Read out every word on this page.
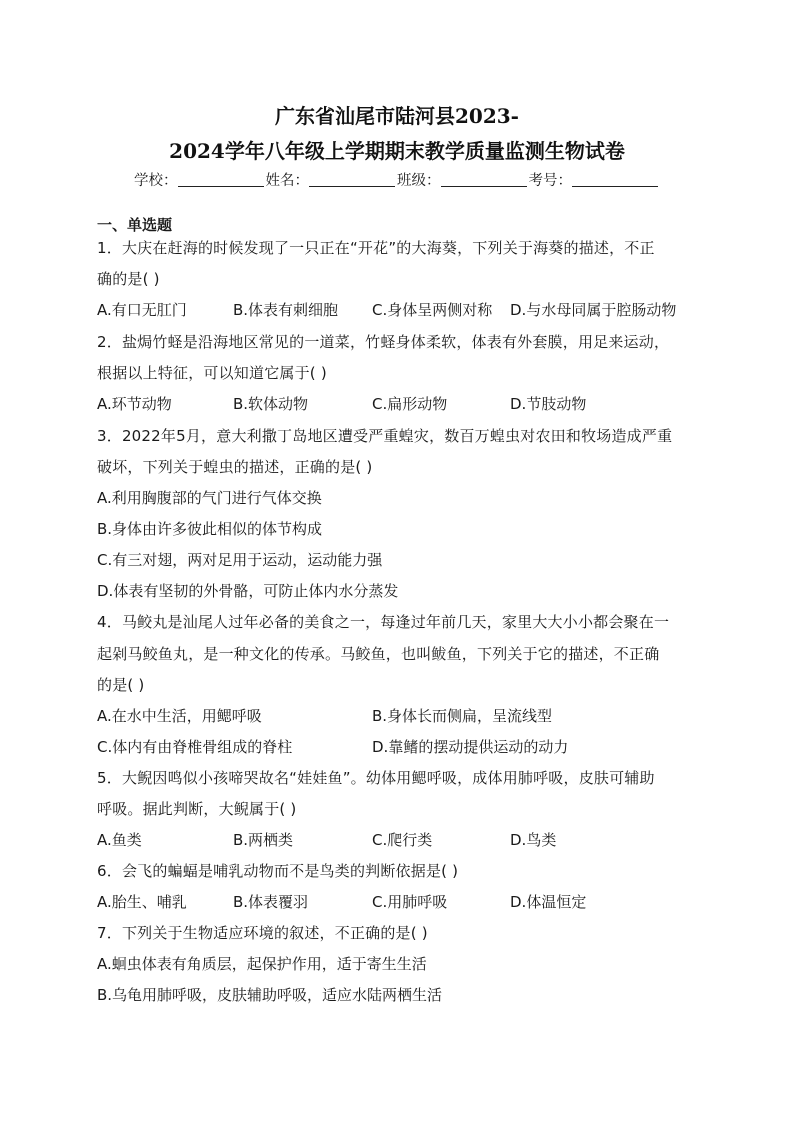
广东省汕尾市陆河县2023-
2024学年八年级上学期期末教学质量监测生物试卷
学校：	姓名：	班级：	考号：
一、单选题
1．大庆在赶海的时候发现了一只正在“开花”的大海葵，下列关于海葵的描述，不正
确的是( )
A.有口无肛门	B.体表有刺细胞 C.身体呈两侧对称 D.与水母同属于腔肠动物
2．盐焗竹蛏是沿海地区常见的一道菜，竹蛏身体柔软，体表有外套膜，用足来运动，
根据以上特征，可以知道它属于( )
A.环节动物	B.软体动物	C.扁形动物	D.节肢动物
3．2022年5月，意大利撒丁岛地区遭受严重蝗灾，数百万蝗虫对农田和牧场造成严重
破坏，下列关于蝗虫的描述，正确的是( )
A.利用胸腹部的气门进行气体交换
B.身体由许多彼此相似的体节构成
C.有三对翅，两对足用于运动，运动能力强
D.体表有坚韧的外骨骼，可防止体内水分蒸发
4．马鲛丸是汕尾人过年必备的美食之一，每逢过年前几天，家里大大小小都会聚在一
起剁马鲛鱼丸，是一种文化的传承。马鲛鱼，也叫鲅鱼，下列关于它的描述，不正确
的是( )
A.在水中生活，用鳃呼吸	B.身体长而侧扁，呈流线型
C.体内有由脊椎骨组成的脊柱	D.靠鳍的摆动提供运动的动力
5．大鲵因鸣似小孩啼哭故名“娃娃鱼”。幼体用鳃呼吸，成体用肺呼吸，皮肤可辅助
呼吸。据此判断，大鲵属于( )
A.鱼类	B.两栖类	C.爬行类	D.鸟类
6．会飞的蝙蝠是哺乳动物而不是鸟类的判断依据是( )
A.胎生、哺乳	B.体表覆羽	C.用肺呼吸	D.体温恒定
7．下列关于生物适应环境的叙述，不正确的是( )
A.蛔虫体表有角质层，起保护作用，适于寄生生活
B.乌龟用肺呼吸，皮肤辅助呼吸，适应水陆两栖生活
